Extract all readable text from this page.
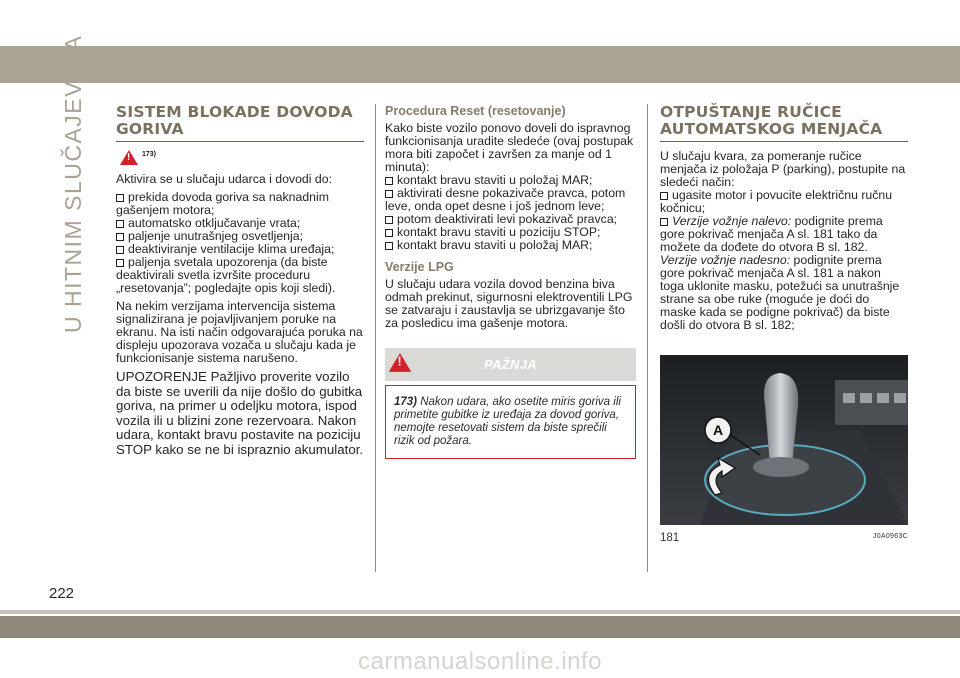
U HITNIM SLUČAJEVIMA SISTEM BLOKADE DOVODA GORIVA
!
173)
Aktivira se u slučaju udarca i dovodi do:
prekida dovoda goriva sa naknadnim gašenjem motora;
automatsko otključavanje vrata;
paljenje unutrašnjeg osvetljenja;
deaktiviranje ventilacije klima uređaja;
paljenja svetala upozorenja (da biste deaktivirali svetla izvršite proceduru „resetovanja”; pogledajte opis koji sledi).
Na nekim verzijama intervencija sistema signalizirana je pojavljivanjem poruke na ekranu. Na isti način odgovarajuća poruka na displeju upozorava vozača u slučaju kada je funkcionisanje sistema narušeno.
UPOZORENJE Pažljivo proverite vozilo da biste se uverili da nije došlo do gubitka goriva, na primer u odeljku motora, ispod vozila ili u blizini zone rezervoara. Nakon udara, kontakt bravu postavite na poziciju STOP kako se ne bi ispraznio akumulator.
Procedura Reset (resetovanje)
Kako biste vozilo ponovo doveli do ispravnog funkcionisanja uradite sledeće (ovaj postupak mora biti započet i završen za manje od 1 minuta):
kontakt bravu staviti u položaj MAR;
aktivirati desne pokazivače pravca, potom leve, onda opet desne i još jednom leve;
potom deaktivirati levi pokazivač pravca;
kontakt bravu staviti u poziciju STOP;
kontakt bravu staviti u položaj MAR;
Verzije LPG
U slučaju udara vozila dovod benzina biva odmah prekinut, sigurnosni elektroventili LPG se zatvaraju i zaustavlja se ubrizgavanje što za posledicu ima gašenje motora.
!
PAŽNJA
173) Nakon udara, ako osetite miris goriva ili primetite gubitke iz uređaja za dovod goriva, nemojte resetovati sistem da biste sprečili rizik od požara.
OTPUŠTANJE RUČICE AUTOMATSKOG MENJAČA
U slučaju kvara, za pomeranje ručice menjača iz položaja P (parking), postupite na sledeći način:
ugasite motor i povucite električnu ručnu kočnicu;
Verzije vožnje nalevo: podignite prema gore pokrivač menjača A sl. 181 tako da možete da dođete do otvora B sl. 182.
Verzije vožnje nadesno: podignite prema gore pokrivač menjača A sl. 181 a nakon toga uklonite masku, potežući sa unutrašnje strane sa obe ruke (moguće je doći do maske kada se podigne pokrivač) da biste došli do otvora B sl. 182;
A
181	J0A0963C
222
carmanualsonline.info
